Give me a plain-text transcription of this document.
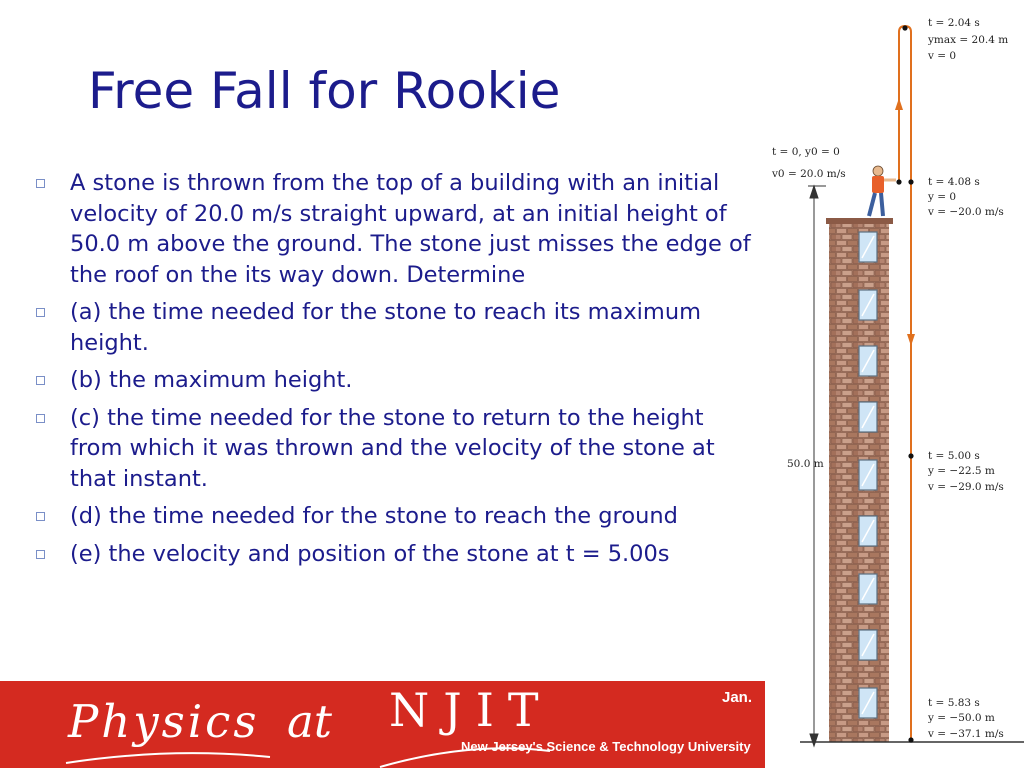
Free Fall for Rookie
A stone is thrown from the top of a building with an initial velocity of 20.0 m/s straight upward, at an initial height of 50.0 m above the ground. The stone just misses the edge of the roof on the its way down. Determine
(a) the time needed for the stone to reach its maximum height.
(b) the maximum height.
(c) the time needed for the stone to return to the height from which it was thrown and the velocity of the stone at that instant.
(d) the time needed for the stone to reach the ground
(e) the velocity and position of the stone at t = 5.00s
t = 2.04 s
ymax = 20.4 m
v = 0
t = 0, y0 = 0
v0 = 20.0 m/s
t = 4.08 s
y = 0
v = −20.0 m/s
t = 5.00 s
y = −22.5 m
v = −29.0 m/s
50.0 m
t = 5.83 s
y = −50.0 m
v = −37.1 m/s
Physics at NJIT
New Jersey's Science & Technology University
Jan.
